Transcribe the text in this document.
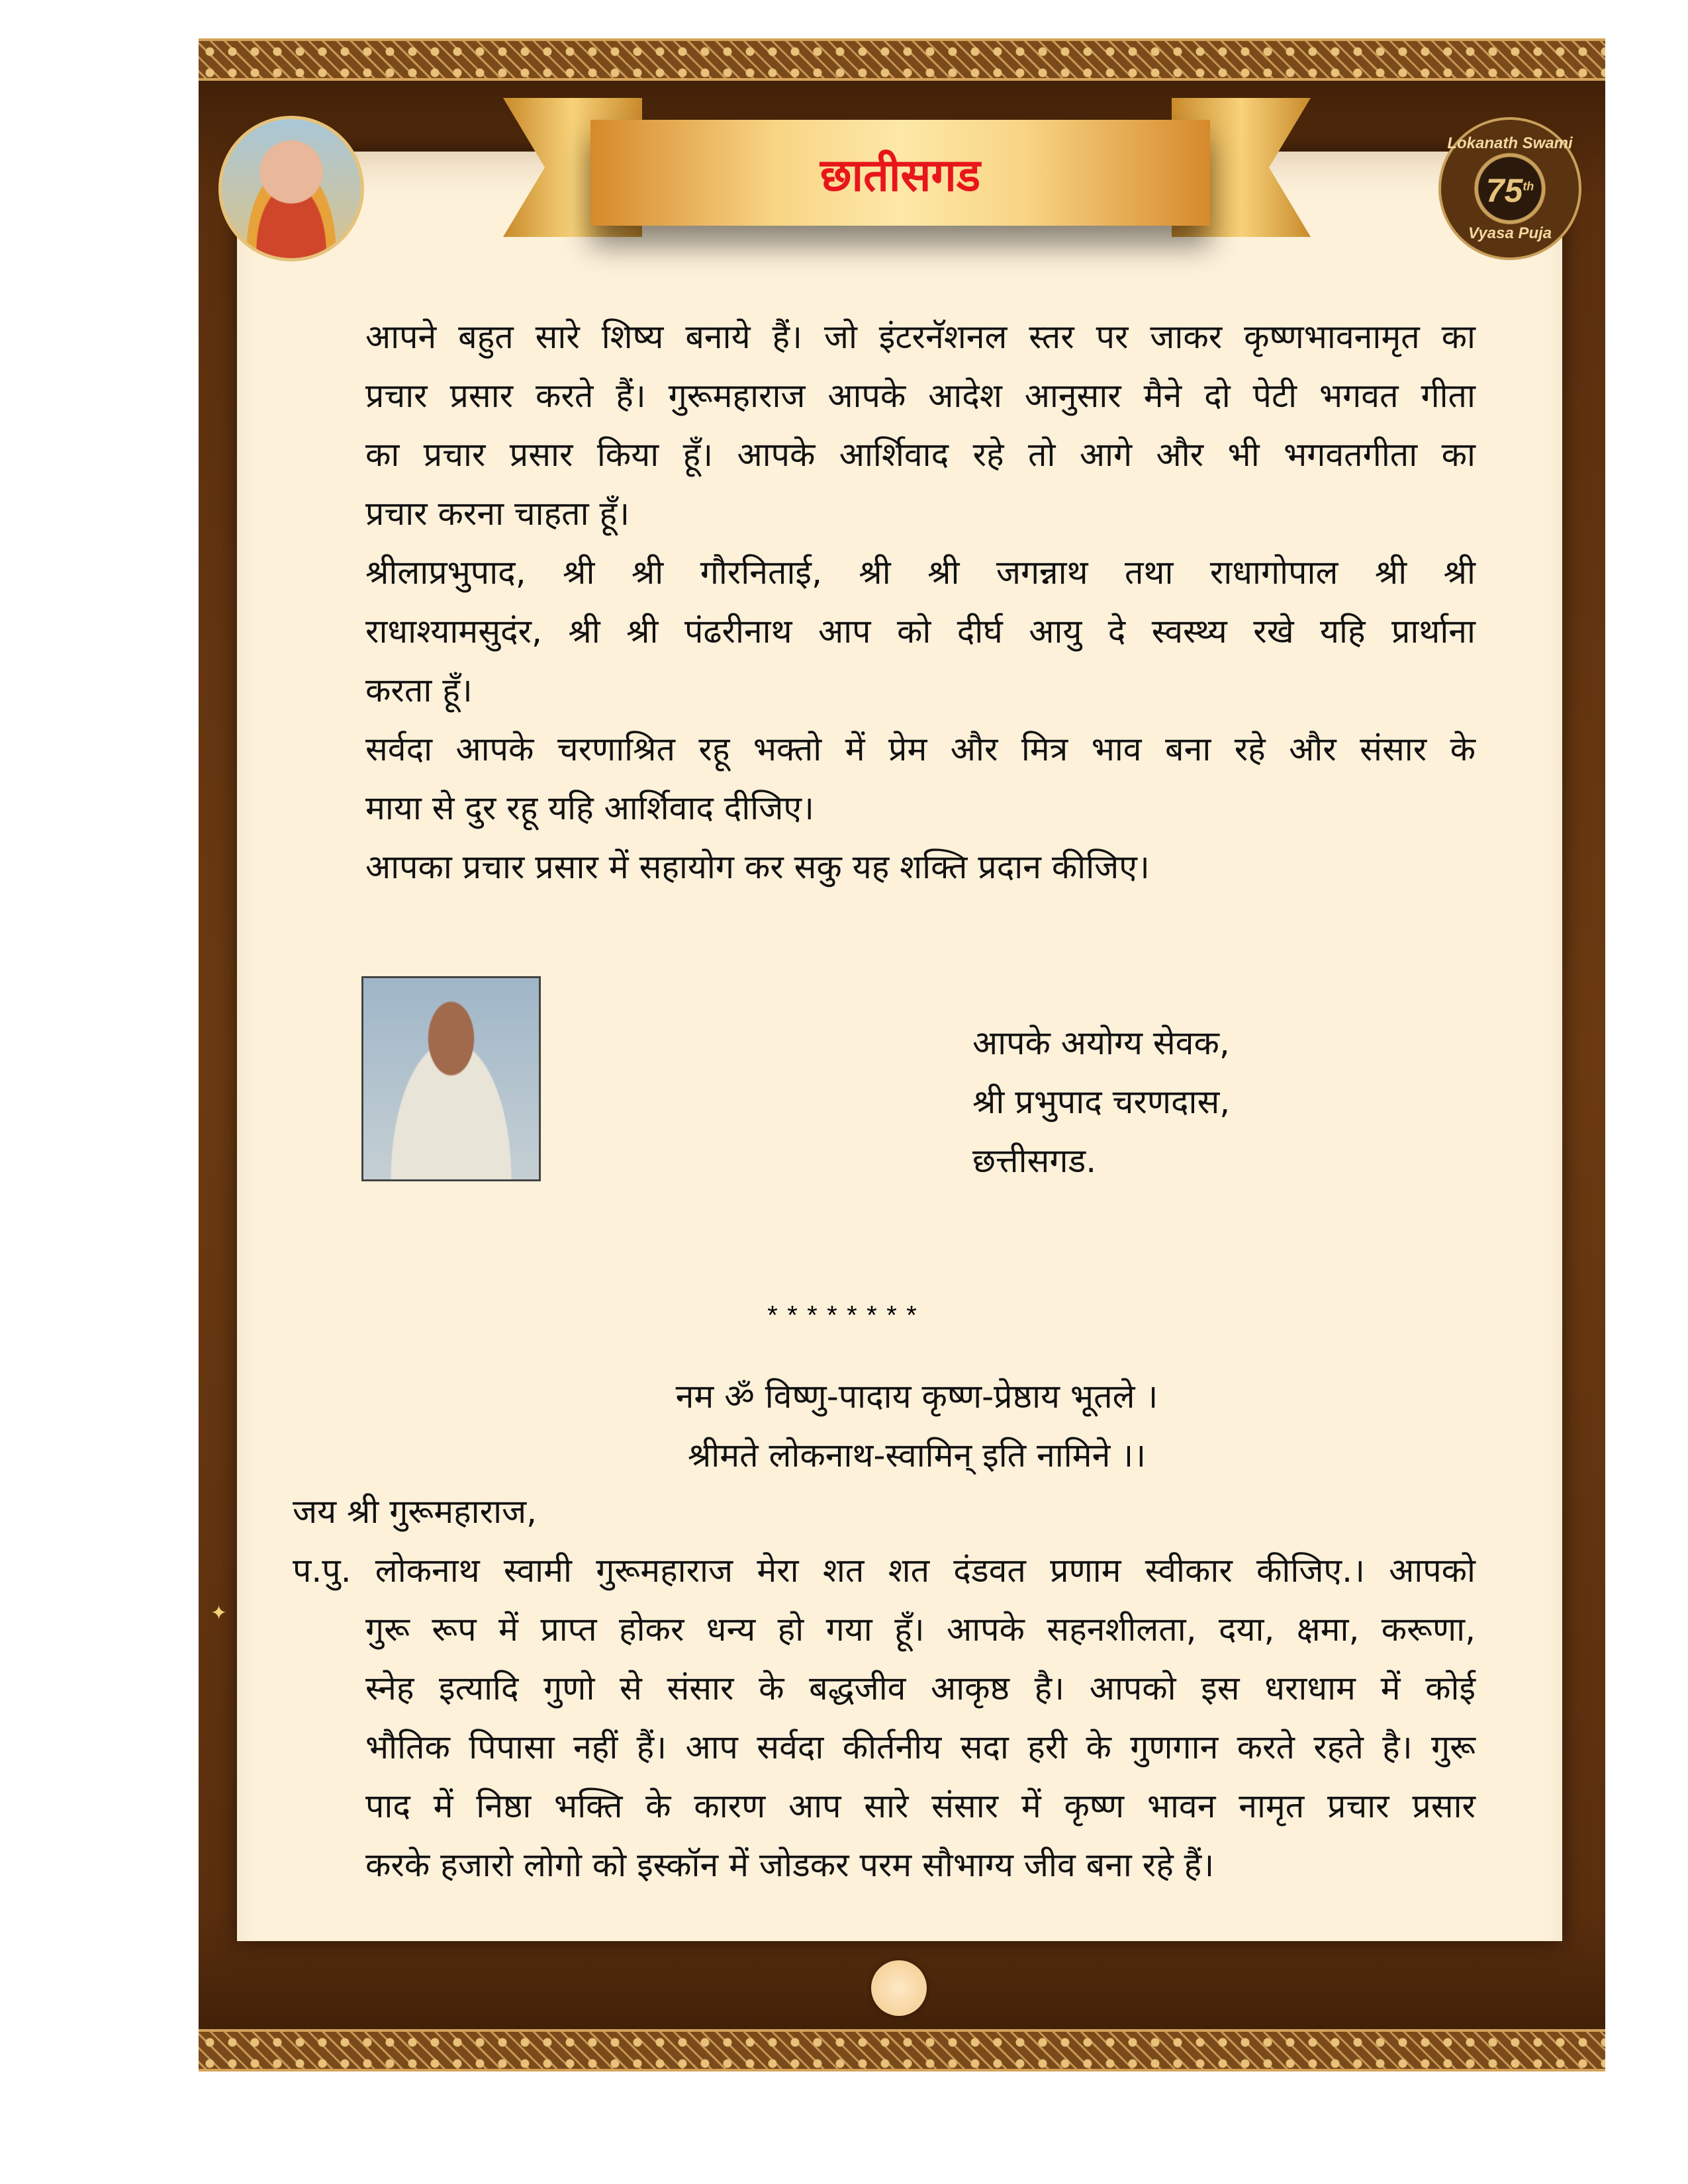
✦
छातीसगड
Lokanath Swami
75th
Vyasa Puja
आपने बहुत सारे शिष्य बनाये हैं। जो इंटरनॅशनल स्तर पर जाकर कृष्णभावनामृत का
प्रचार प्रसार करते हैं। गुरूमहाराज आपके आदेश आनुसार मैने दो पेटी भगवत गीता
का प्रचार प्रसार किया हूँ। आपके आर्शिवाद रहे तो आगे और भी भगवतगीता का
प्रचार करना चाहता हूँ।
श्रीलाप्रभुपाद, श्री श्री गौरनिताई, श्री श्री जगन्नाथ तथा राधागोपाल श्री श्री
राधाश्यामसुदंर, श्री श्री पंढरीनाथ आप को दीर्घ आयु दे स्वस्थ्य रखे यहि प्रार्थाना
करता हूँ।
सर्वदा आपके चरणाश्रित रहू भक्तो में प्रेम और मित्र भाव बना रहे और संसार के
माया से दुर रहू यहि आर्शिवाद दीजिए।
आपका प्रचार प्रसार में सहायोग कर सकु यह शक्ति प्रदान कीजिए।
आपके अयोग्य सेवक,
श्री प्रभुपाद चरणदास,
छत्तीसगड.
********
नम ॐ विष्णु-पादाय कृष्ण-प्रेष्ठाय भूतले ।
श्रीमते लोकनाथ-स्वामिन् इति नामिने ।।
जय श्री गुरूमहाराज,
प.पु. लोकनाथ स्वामी गुरूमहाराज मेरा शत शत दंडवत प्रणाम स्वीकार कीजिए.। आपको
गुरू रूप में प्राप्त होकर धन्य हो गया हूँ। आपके सहनशीलता, दया, क्षमा, करूणा,
स्नेह इत्यादि गुणो से संसार के बद्धजीव आकृष्ठ है। आपको इस धराधाम में कोई
भौतिक पिपासा नहीं हैं। आप सर्वदा कीर्तनीय सदा हरी के गुणगान करते रहते है। गुरू
पाद में निष्ठा भक्ति के कारण आप सारे संसार में कृष्ण भावन नामृत प्रचार प्रसार
करके हजारो लोगो को इस्कॉन में जोडकर परम सौभाग्य जीव बना रहे हैं।
